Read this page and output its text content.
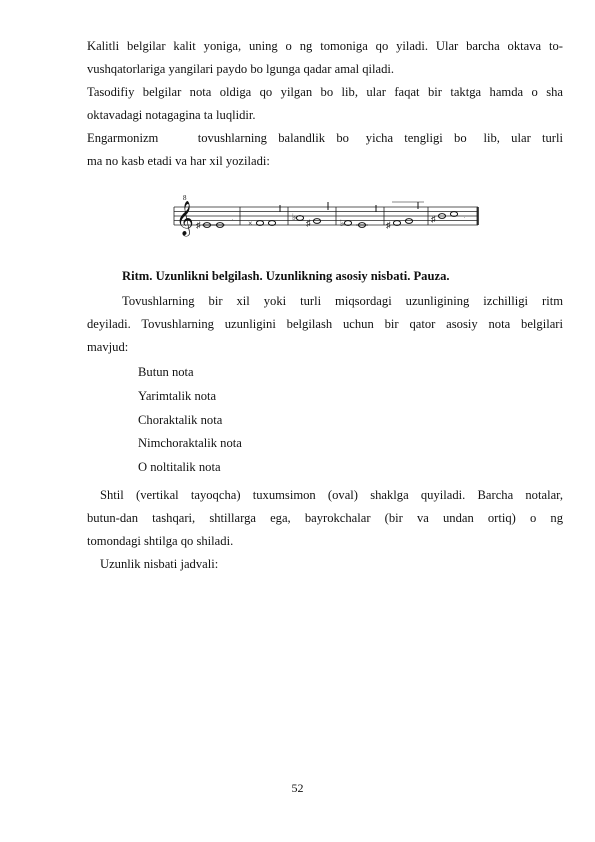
Kalitli belgilar kalit yoniga, uning o ng tomoniga qo yiladi. Ular barcha oktava to-

vushqatorlariga yangilari paydo bo lgunga qadar amal qiladi.

Tasodifiy belgilar nota oldiga qo yilgan bo lib, ular faqat bir taktga hamda o sha

oktavadagi notagagina ta luqlidir.

Engarmonizm       tovushlarning  balandlik  bo   yicha  tengligi  bo   lib,  ular  turli

ma no kasb etadi va har xil yoziladi:

𝄞
8
♯
. ×
♭
♯	♭	♯
♯	.

Ritm. Uzunlikni belgilash. Uzunlikning asosiy nisbati. Pauza.

Tovushlarning bir xil yoki turli miqsordagi uzunligining izchilligi ritm

deyiladi. Tovushlarning uzunligini belgilash uchun bir qator asosiy nota belgilari

mavjud:

Butun nota
Yarimtalik nota
Choraktalik nota
Nimchoraktalik nota
O noltitalik nota

Shtil (vertikal tayoqcha) tuxumsimon (oval) shaklga quyiladi. Barcha notalar,

butun-dan tashqari, shtillarga ega, bayrokchalar (bir va undan ortiq) o ng

tomondagi shtilga qo shiladi.

Uzunlik nisbati jadvali:

52
